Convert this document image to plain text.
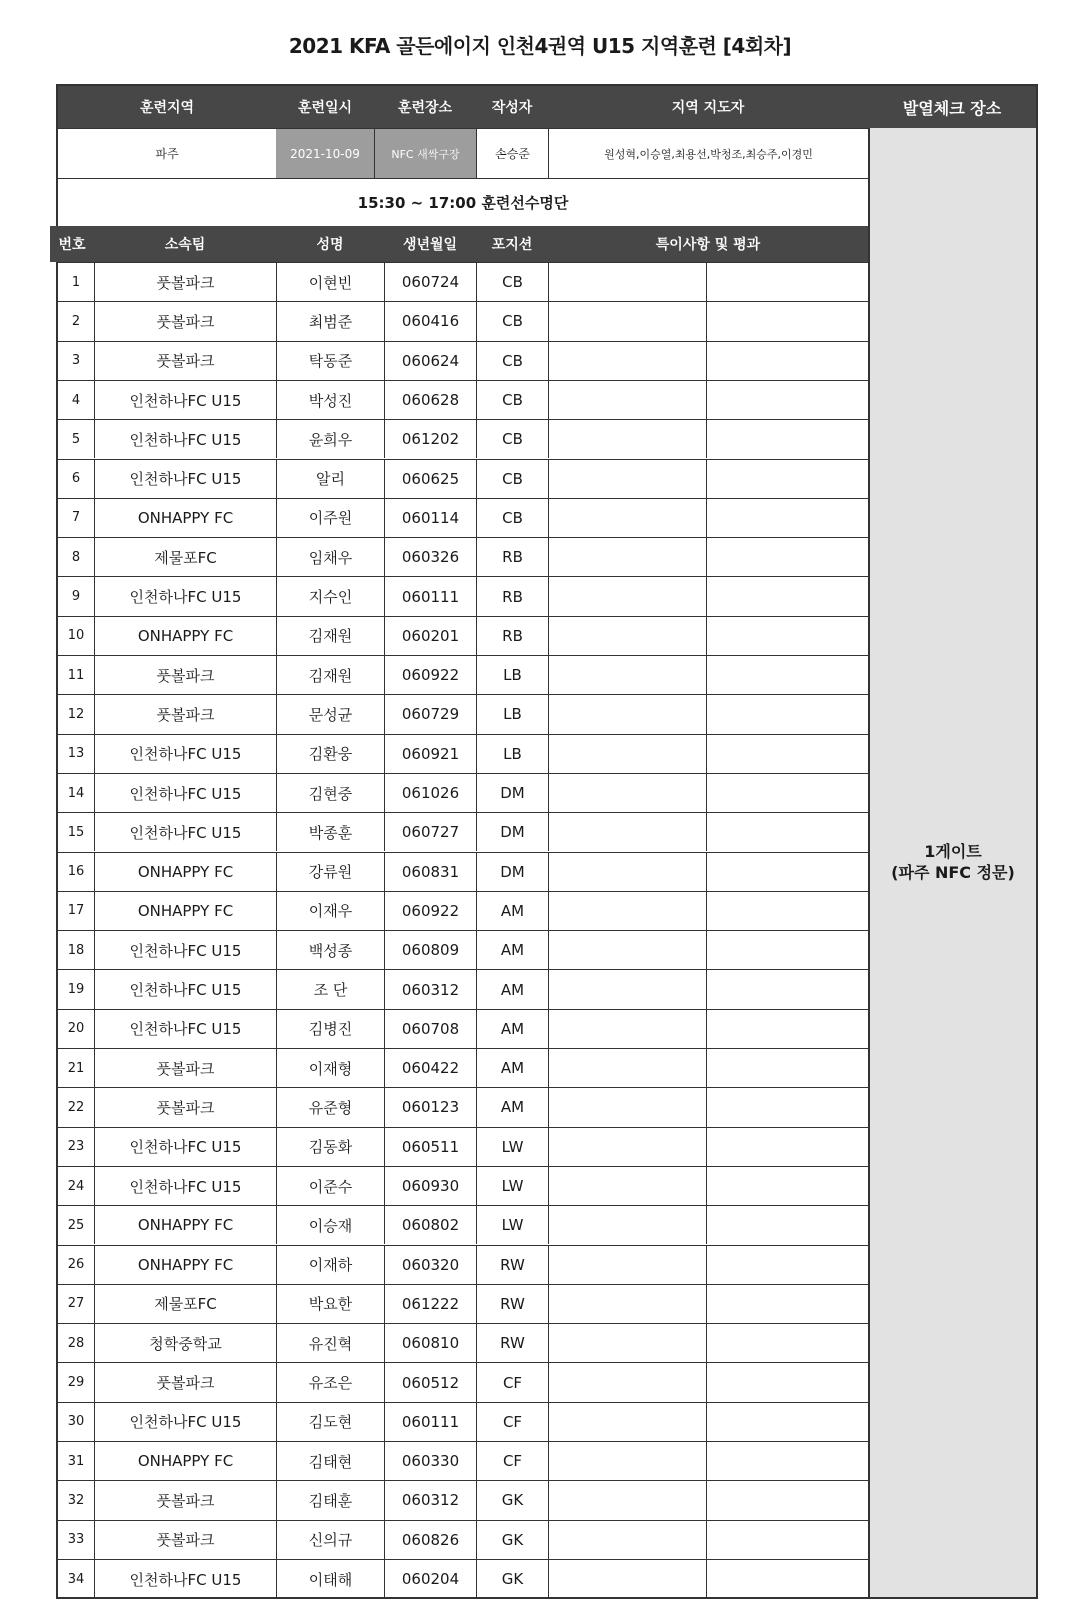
2021 KFA 골든에이지 인천4권역 U15 지역훈련 [4회차]
훈련지역	훈련일시	훈련장소	작성자	지역 지도자	발열체크 장소
파주	2021-10-09	NFC 새싹구장	손승준	원성혁,이승열,최용선,박청조,최승주,이경민
15:30 ~ 17:00 훈련선수명단
번호	소속팀	성명	생년월일	포지션	특이사항 및 평과
1게이트
(파주 NFC 정문)
1	풋볼파크	이현빈	060724	CB
2	풋볼파크	최범준	060416	CB
3	풋볼파크	탁동준	060624	CB
4	인천하나FC U15	박성진	060628	CB
5	인천하나FC U15	윤희우	061202	CB
6	인천하나FC U15	알리	060625	CB
7	ONHAPPY FC	이주원	060114	CB
8	제물포FC	임채우	060326	RB
9	인천하나FC U15	지수인	060111	RB
10	ONHAPPY FC	김재원	060201	RB
11	풋볼파크	김재원	060922	LB
12	풋볼파크	문성균	060729	LB
13	인천하나FC U15	김환웅	060921	LB
14	인천하나FC U15	김현중	061026	DM
15	인천하나FC U15	박종훈	060727	DM
16	ONHAPPY FC	강류원	060831	DM
17	ONHAPPY FC	이재우	060922	AM
18	인천하나FC U15	백성종	060809	AM
19	인천하나FC U15	조 단	060312	AM
20	인천하나FC U15	김병진	060708	AM
21	풋볼파크	이재형	060422	AM
22	풋볼파크	유준형	060123	AM
23	인천하나FC U15	김동화	060511	LW
24	인천하나FC U15	이준수	060930	LW
25	ONHAPPY FC	이승재	060802	LW
26	ONHAPPY FC	이재하	060320	RW
27	제물포FC	박요한	061222	RW
28	청학중학교	유진혁	060810	RW
29	풋볼파크	유조은	060512	CF
30	인천하나FC U15	김도현	060111	CF
31	ONHAPPY FC	김태현	060330	CF
32	풋볼파크	김태훈	060312	GK
33	풋볼파크	신의규	060826	GK
34	인천하나FC U15	이태해	060204	GK
